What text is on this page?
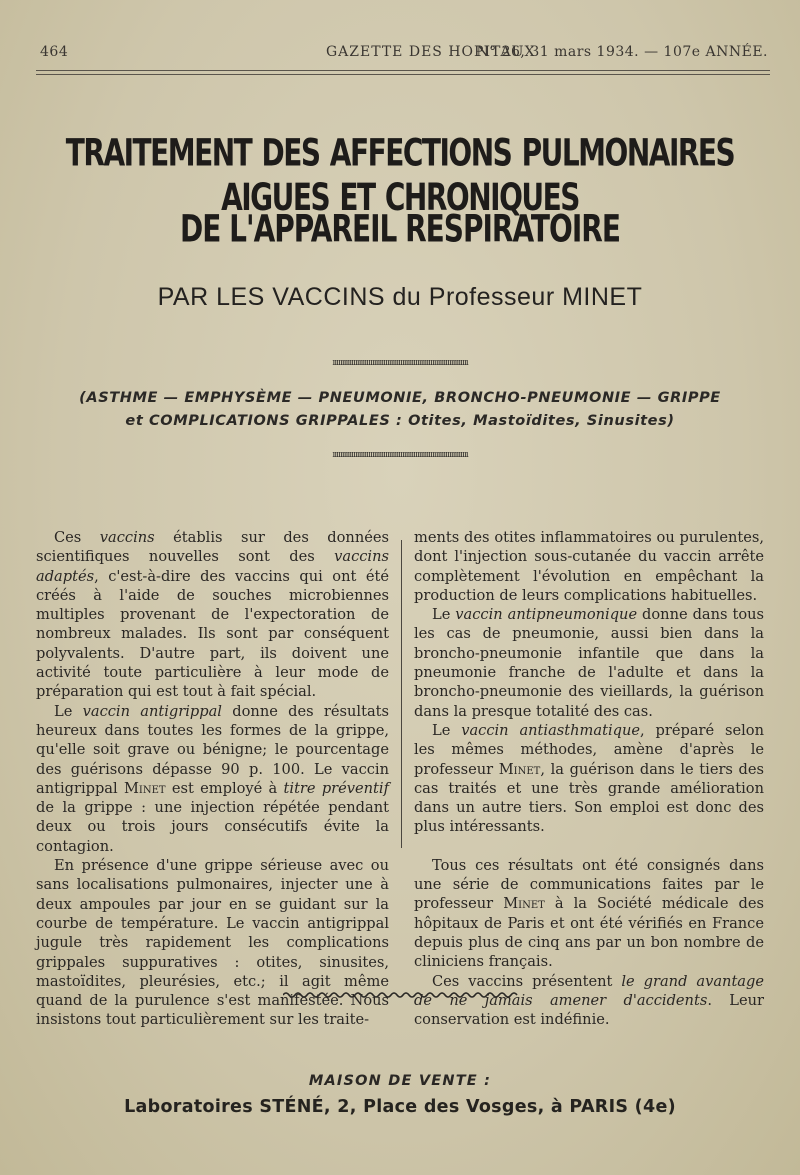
464	GAZETTE DES HOPITAUX
N° 26, 31 mars 1934. — 107e ANNÉE.
TRAITEMENT DES AFFECTIONS PULMONAIRES AIGUES ET CHRONIQUES
DE L'APPAREIL RESPIRATOIRE
PAR LES VACCINS du Professeur MINET
ıııııııııııııııııııııııııııııııııııııııııııııııııııııııııııııııııııııııı
(ASTHME — EMPHYSÈME — PNEUMONIE, BRONCHO-PNEUMONIE — GRIPPE
et COMPLICATIONS GRIPPALES : Otites, Mastoïdites, Sinusites)
ıııııııııııııııııııııııııııııııııııııııııııııııııııııııııııııııııııııııı

Ces vaccins établis sur des données scientifiques nouvelles sont des vaccins adaptés, c'est-à-dire des vaccins qui ont été créés à l'aide de souches microbiennes multiples provenant de l'expectoration de nombreux malades. Ils sont par conséquent polyvalents. D'autre part, ils doivent une activité toute particulière à leur mode de préparation qui est tout à fait spécial.

Le vaccin antigrippal donne des résultats heureux dans toutes les formes de la grippe, qu'elle soit grave ou bénigne; le pourcentage des guérisons dépasse 90 p. 100. Le vaccin antigrippal Minet est employé à titre préventif de la grippe : une injection répétée pendant deux ou trois jours consécutifs évite la contagion.

En présence d'une grippe sérieuse avec ou sans localisations pulmonaires, injecter une à deux ampoules par jour en se guidant sur la courbe de température. Le vaccin antigrippal jugule très rapidement les complications grippales suppuratives : otites, sinusites, mastoïdites, pleurésies, etc.; il agit même quand de la purulence s'est manifestée. Nous insistons tout particulièrement sur les traite-

ments des otites inflammatoires ou purulentes, dont l'injection sous-cutanée du vaccin arrête complètement l'évolution en empêchant la production de leurs complications habituelles.

Le vaccin antipneumonique donne dans tous les cas de pneumonie, aussi bien dans la broncho-pneumonie infantile que dans la pneumonie franche de l'adulte et dans la broncho-pneumonie des vieillards, la guérison dans la presque totalité des cas.

Le vaccin antiasthmatique, préparé selon les mêmes méthodes, amène d'après le professeur Minet, la guérison dans le tiers des cas traités et une très grande amélioration dans un autre tiers. Son emploi est donc des plus intéressants.

Tous ces résultats ont été consignés dans une série de communications faites par le professeur Minet à la Société médicale des hôpitaux de Paris et ont été vérifiés en France depuis plus de cinq ans par un bon nombre de cliniciens français.

Ces vaccins présentent le grand avantage de ne jamais amener d'accidents. Leur conservation est indéfinie.

MAISON DE VENTE :
Laboratoires STÉNÉ, 2, Place des Vosges, à PARIS (4e)
